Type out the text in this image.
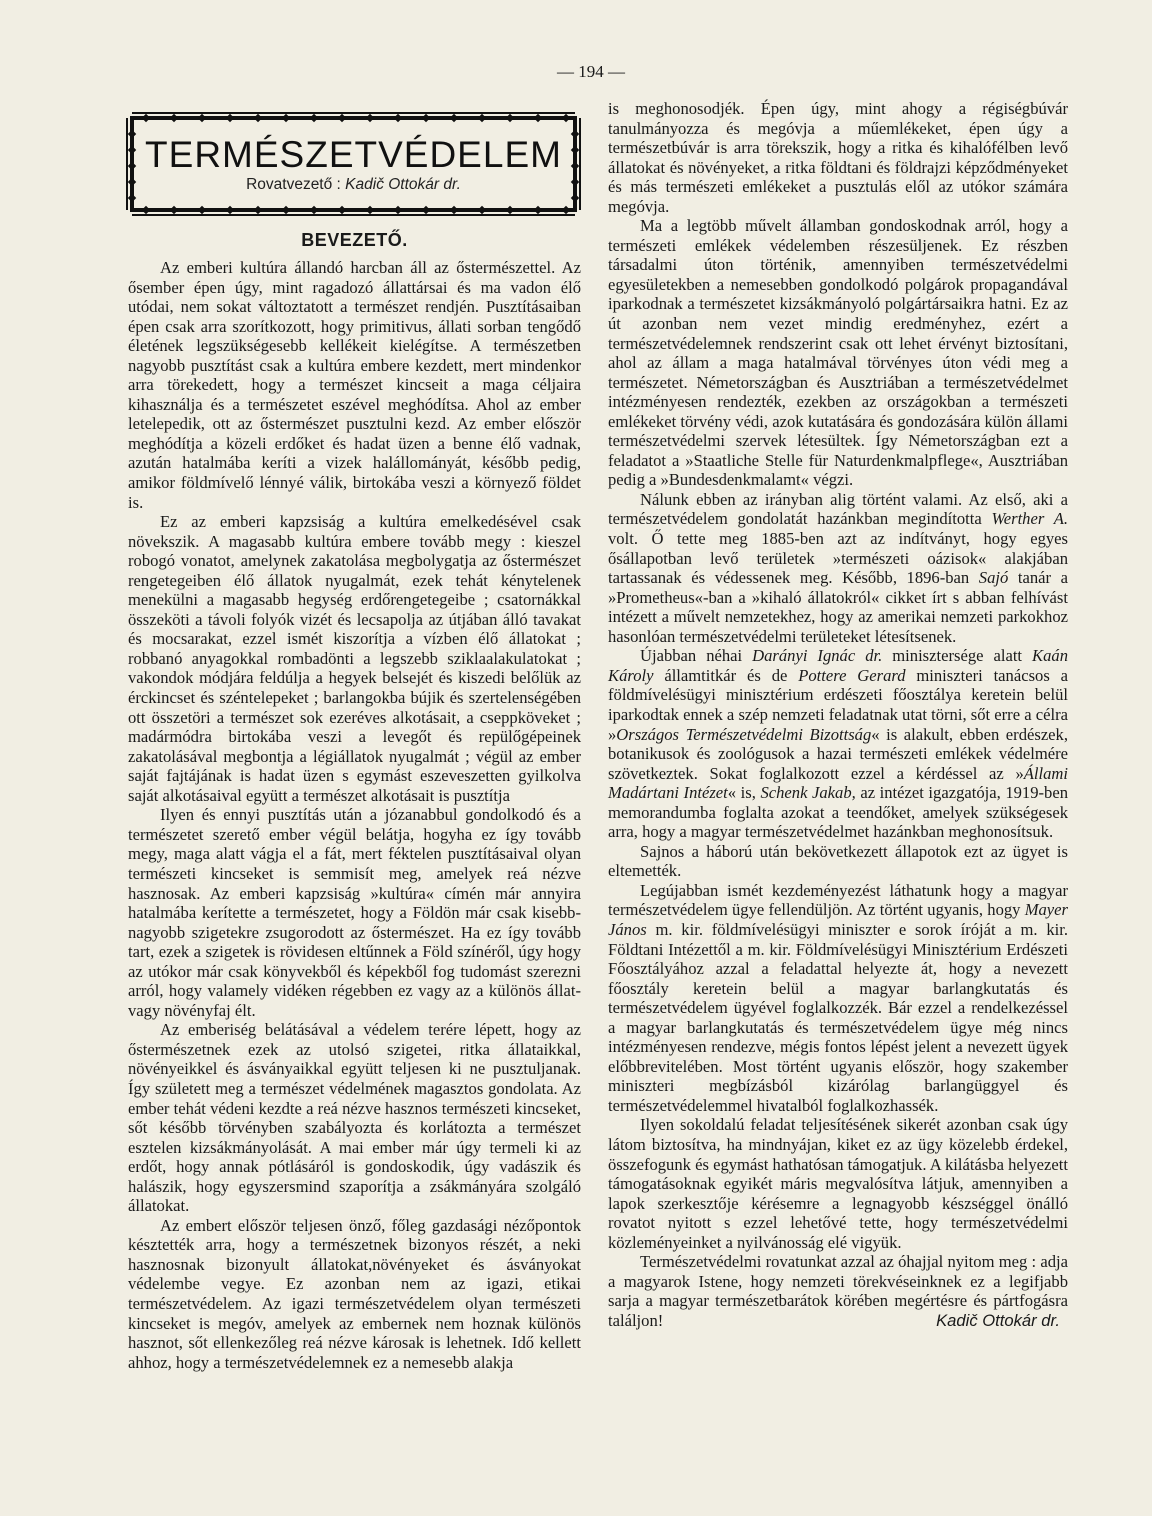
— 194 —
TERMÉSZETVÉDELEM
Rovatvezető : Kadič Ottokár dr.
BEVEZETŐ.

Az emberi kultúra állandó harcban áll az őstermészettel. Az ősember épen úgy, mint ragadozó állattársai és ma vadon élő utódai, nem sokat változtatott a természet rendjén. Pusztításaiban épen csak arra szorítkozott, hogy primitivus, állati sorban tengődő életének legszükségesebb kellékeit kielégítse. A természetben nagyobb pusztítást csak a kultúra embere kezdett, mert mindenkor arra törekedett, hogy a természet kincseit a maga céljaira kihasználja és a természetet eszével meghódítsa. Ahol az ember letelepedik, ott az őstermészet pusztulni kezd. Az ember először meghódítja a közeli erdőket és hadat üzen a benne élő vadnak, azután hatalmába keríti a vizek halállományát, később pedig, amikor földmívelő lénnyé válik, birtokába veszi a környező földet is.

Ez az emberi kapzsiság a kultúra emelkedésével csak növekszik. A magasabb kultúra embere tovább megy : kieszel robogó vonatot, amelynek zakatolása megbolygatja az őstermészet rengetegeiben élő állatok nyugalmát, ezek tehát kénytelenek menekülni a magasabb hegység erdőrengetegeibe ; csatornákkal összeköti a távoli folyók vizét és lecsapolja az útjában álló tavakat és mocsarakat, ezzel ismét kiszorítja a vízben élő állatokat ; robbanó anyagokkal rombadönti a legszebb sziklaalakulatokat ; vakondok módjára feldúlja a hegyek belsejét és kiszedi belőlük az érckincset és széntelepeket ; barlangokba bújik és szertelenségében ott összetöri a természet sok ezeréves alkotásait, a cseppköveket ; madármódra birtokába veszi a levegőt és repülőgépeinek zakatolásával megbontja a légiállatok nyugalmát ; végül az ember saját fajtájának is hadat üzen s egymást eszeveszetten gyilkolva saját alkotásaival együtt a természet alkotásait is pusztítja

Ilyen és ennyi pusztítás után a józanabbul gondolkodó és a természetet szerető ember végül belátja, hogyha ez így tovább megy, maga alatt vágja el a fát, mert féktelen pusztításaival olyan természeti kincseket is semmisít meg, amelyek reá nézve hasznosak. Az emberi kapzsiság »kultúra« címén már annyira hatalmába kerítette a természetet, hogy a Földön már csak kisebb-nagyobb szigetekre zsugorodott az őstermészet. Ha ez így tovább tart, ezek a szigetek is rövidesen eltűnnek a Föld színéről, úgy hogy az utókor már csak könyvekből és képekből fog tudomást szerezni arról, hogy valamely vidéken régebben ez vagy az a különös állat- vagy növényfaj élt.

Az emberiség belátásával a védelem terére lépett, hogy az őstermészetnek ezek az utolsó szigetei, ritka állataikkal, növényeikkel és ásványaikkal együtt teljesen ki ne pusztuljanak. Így született meg a természet védelmének magasztos gondolata. Az ember tehát védeni kezdte a reá nézve hasznos természeti kincseket, sőt később törvényben szabályozta és korlátozta a természet esztelen kizsákmányolását. A mai ember már úgy termeli ki az erdőt, hogy annak pótlásáról is gondoskodik, úgy vadászik és halászik, hogy egyszersmind szaporítja a zsákmányára szolgáló állatokat.

Az embert először teljesen önző, főleg gazdasági nézőpontok késztették arra, hogy a természetnek bizonyos részét, a neki hasznosnak bizonyult állatokat,növényeket és ásványokat védelembe vegye. Ez azonban nem az igazi, etikai természetvédelem. Az igazi természetvédelem olyan természeti kincseket is megóv, amelyek az embernek nem hoznak különös hasznot, sőt ellenkezőleg reá nézve károsak is lehetnek. Idő kellett ahhoz, hogy a természetvédelemnek ez a nemesebb alakja

is meghonosodjék. Épen úgy, mint ahogy a régiségbúvár tanulmányozza és megóvja a műemlékeket, épen úgy a természetbúvár is arra törekszik, hogy a ritka és kihalófélben levő állatokat és növényeket, a ritka földtani és földrajzi képződményeket és más természeti emlékeket a pusztulás elől az utókor számára megóvja.

Ma a legtöbb művelt államban gondoskodnak arról, hogy a természeti emlékek védelemben részesüljenek. Ez részben társadalmi úton történik, amennyiben természetvédelmi egyesületekben a nemesebben gondolkodó polgárok propagandával iparkodnak a természetet kizsákmányoló polgártársaikra hatni. Ez az út azonban nem vezet mindig eredményhez, ezért a természetvédelemnek rendszerint csak ott lehet érvényt biztosítani, ahol az állam a maga hatalmával törvényes úton védi meg a természetet. Németországban és Ausztriában a természetvédelmet intézményesen rendezték, ezekben az országokban a természeti emlékeket törvény védi, azok kutatására és gondozására külön állami természetvédelmi szervek létesültek. Így Németországban ezt a feladatot a »Staatliche Stelle für Naturdenkmalpflege«, Ausztriában pedig a »Bundesdenkmalamt« végzi.

Nálunk ebben az irányban alig történt valami. Az első, aki a természetvédelem gondolatát hazánkban megindította Werther A. volt. Ő tette meg 1885-ben azt az indítványt, hogy egyes ősállapotban levő területek »természeti oázisok« alakjában tartassanak és védessenek meg. Később, 1896-ban Sajó tanár a »Prometheus«-ban a »kihaló állatokról« cikket írt s abban felhívást intézett a művelt nemzetekhez, hogy az amerikai nemzeti parkokhoz hasonlóan természetvédelmi területeket létesítsenek.

Újabban néhai Darányi Ignác dr. minisztersége alatt Kaán Károly államtitkár és de Pottere Gerard miniszteri tanácsos a földmívelésügyi minisztérium erdészeti főosztálya keretein belül iparkodtak ennek a szép nemzeti feladatnak utat törni, sőt erre a célra »Országos Természetvédelmi Bizottság« is alakult, ebben erdészek, botanikusok és zoológusok a hazai természeti emlékek védelmére szövetkeztek. Sokat foglalkozott ezzel a kérdéssel az »Állami Madártani Intézet« is, Schenk Jakab, az intézet igazgatója, 1919-ben memorandumba foglalta azokat a teendőket, amelyek szükségesek arra, hogy a magyar természetvédelmet hazánkban meghonosítsuk.

Sajnos a háború után bekövetkezett állapotok ezt az ügyet is eltemették.

Legújabban ismét kezdeményezést láthatunk hogy a magyar természetvédelem ügye fellendüljön. Az történt ugyanis, hogy Mayer János m. kir. földmívelésügyi miniszter e sorok íróját a m. kir. Földtani Intézettől a m. kir. Földmívelésügyi Minisztérium Erdészeti Főosztályához azzal a feladattal helyezte át, hogy a nevezett főosztály keretein belül a magyar barlangkutatás és természetvédelem ügyével foglalkozzék. Bár ezzel a rendelkezéssel a magyar barlangkutatás és természetvédelem ügye még nincs intézményesen rendezve, mégis fontos lépést jelent a nevezett ügyek előbbrevitelében. Most történt ugyanis először, hogy szakember miniszteri megbízásból kizárólag barlangüggyel és természetvédelemmel hivatalból foglalkozhassék.

Ilyen sokoldalú feladat teljesítésének sikerét azonban csak úgy látom biztosítva, ha mindnyájan, kiket ez az ügy közelebb érdekel, összefogunk és egymást hathatósan támogatjuk. A kilátásba helyezett támogatásoknak egyikét máris megvalósítva látjuk, amennyiben a lapok szerkesztője kérésemre a legnagyobb készséggel önálló rovatot nyitott s ezzel lehetővé tette, hogy természetvédelmi közleményeinket a nyilvánosság elé vigyük.

Természetvédelmi rovatunkat azzal az óhajjal nyitom meg : adja a magyarok Istene, hogy nemzeti törekvéseinknek ez a legifjabb sarja a magyar természetbarátok körében megértésre és pártfogásra találjon!	Kadič Ottokár dr.
